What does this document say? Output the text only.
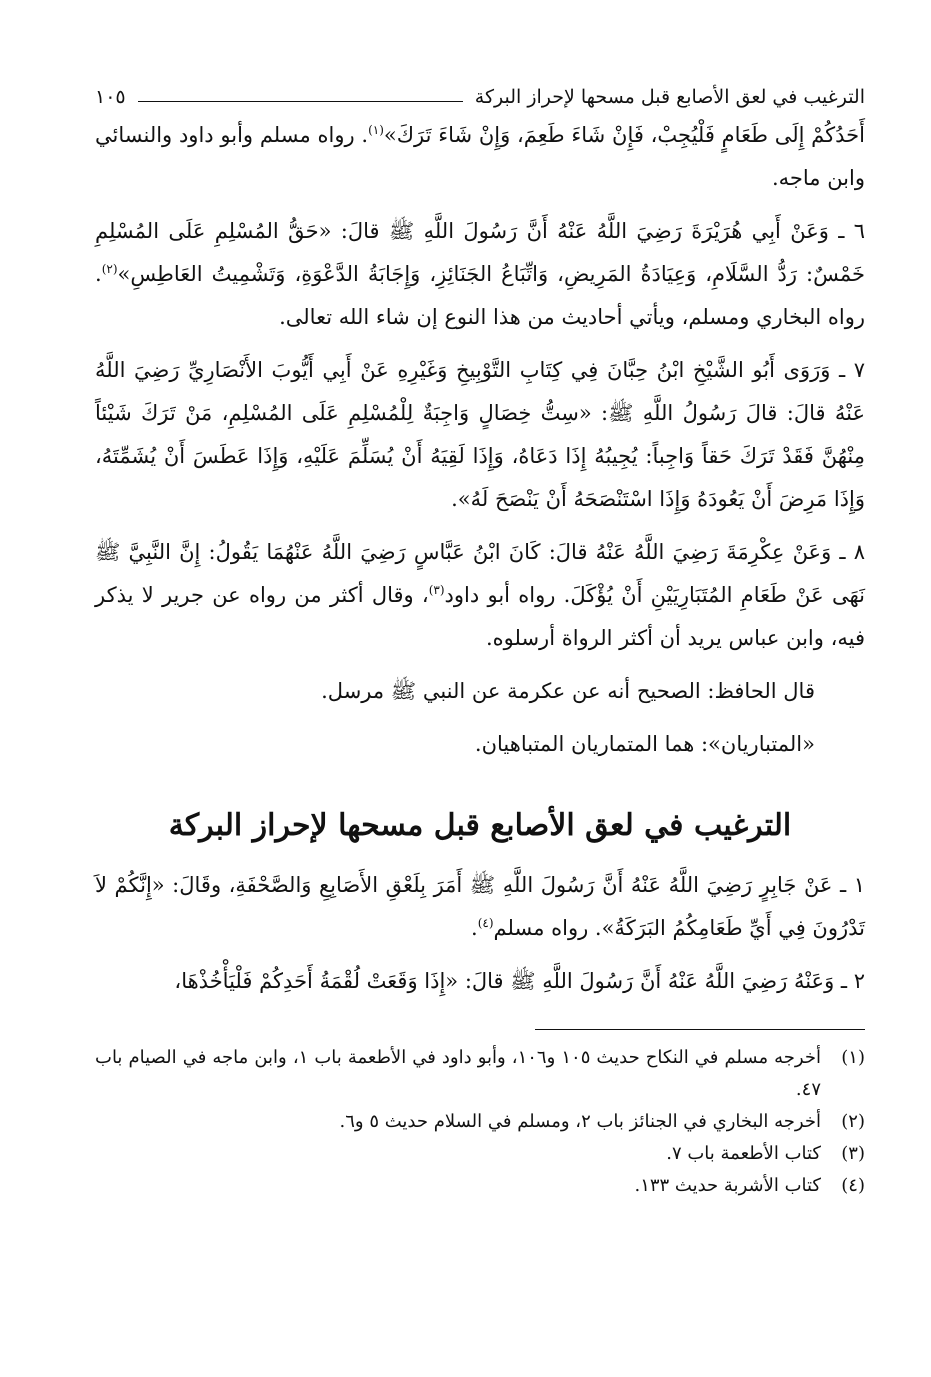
الترغيب في لعق الأصابع قبل مسحها لإحراز البركة
١٠٥

أَحَدُكُمْ إِلَى طَعَامٍ فَلْيُجِبْ، فَإِنْ شَاءَ طَعِمَ، وَإِنْ شَاءَ تَرَكَ»$^{(١)}$. رواه مسلم وأبو داود والنسائي وابن ماجه.

٦ ـ وَعَنْ أَبِي هُرَيْرَةَ رَضِيَ اللَّهُ عَنْهُ أَنَّ رَسُولَ اللَّهِ ﷺ قالَ: «حَقُّ المُسْلِمِ عَلَى المُسْلِمِ خَمْسٌ: رَدُّ السَّلَامِ، وَعِيَادَةُ المَرِيضِ، وَاتِّبَاعُ الجَنَائِزِ، وَإِجَابَةُ الدَّعْوَةِ، وَتَشْمِيتُ العَاطِسِ»$^{(٢)}$. رواه البخاري ومسلم، ويأتي أحاديث من هذا النوع إن شاء الله تعالى.

٧ ـ وَرَوَى أَبُو الشَّيْخِ ابْنُ حِبَّانَ فِي كِتَابِ التَّوْبِيخِ وَغَيْرِهِ عَنْ أَبِي أَيُّوبَ الأَنْصَارِيِّ رَضِيَ اللَّهُ عَنْهُ قالَ: قالَ رَسُولُ اللَّهِ ﷺ: «سِتُّ خِصَالٍ وَاجِبَةٌ لِلْمُسْلِمِ عَلَى المُسْلِمِ، مَنْ تَرَكَ شَيْئاً مِنْهُنَّ فَقَدْ تَرَكَ حَقاً وَاجِباً: يُجِيبُهُ إِذَا دَعَاهُ، وَإِذَا لَقِيَهُ أَنْ يُسَلِّمَ عَلَيْهِ، وَإِذَا عَطَسَ أَنْ يُشَمِّتَهُ، وَإِذَا مَرِضَ أَنْ يَعُودَهُ وَإِذَا اسْتَنْصَحَهُ أَنْ يَنْصَحَ لَهُ».

٨ ـ وَعَنْ عِكْرِمَةَ رَضِيَ اللَّهُ عَنْهُ قالَ: كَانَ ابْنُ عَبَّاسٍ رَضِيَ اللَّهُ عَنْهُمَا يَقُولُ: إِنَّ النَّبِيَّ ﷺ نَهَى عَنْ طَعَامِ المُتَبَارِيَيْنِ أَنْ يُؤْكَلَ. رواه أبو داود$^{(٣)}$، وقال أكثر من رواه عن جرير لا يذكر فيه، وابن عباس يريد أن أكثر الرواة أرسلوه.

قال الحافظ: الصحيح أنه عن عكرمة عن النبي ﷺ مرسل.

«المتباريان»: هما المتماريان المتباهيان.

الترغيب في لعق الأصابع قبل مسحها لإحراز البركة

١ ـ عَنْ جَابِرٍ رَضِيَ اللَّهُ عَنْهُ أَنَّ رَسُولَ اللَّهِ ﷺ أَمَرَ بِلَعْقِ الأَصَابِعِ وَالصَّحْفَةِ، وقَالَ: «إِنَّكُمْ لاَ تَدْرُونَ فِي أَيِّ طَعَامِكُمُ البَرَكَةُ». رواه مسلم$^{(٤)}$.

٢ ـ وَعَنْهُ رَضِيَ اللَّهُ عَنْهُ أَنَّ رَسُولَ اللَّهِ ﷺ قالَ: «إِذَا وَقَعَتْ لُقْمَةُ أَحَدِكُمْ فَلْيَأْخُذْهَا،

(١)
أخرجه مسلم في النكاح حديث ١٠٥ و١٠٦، وأبو داود في الأطعمة باب ١، وابن ماجه في الصيام باب ٤٧.
(٢)
أخرجه البخاري في الجنائز باب ٢، ومسلم في السلام حديث ٥ و٦.
(٣)
كتاب الأطعمة باب ٧.
(٤)
كتاب الأشربة حديث ١٣٣.
